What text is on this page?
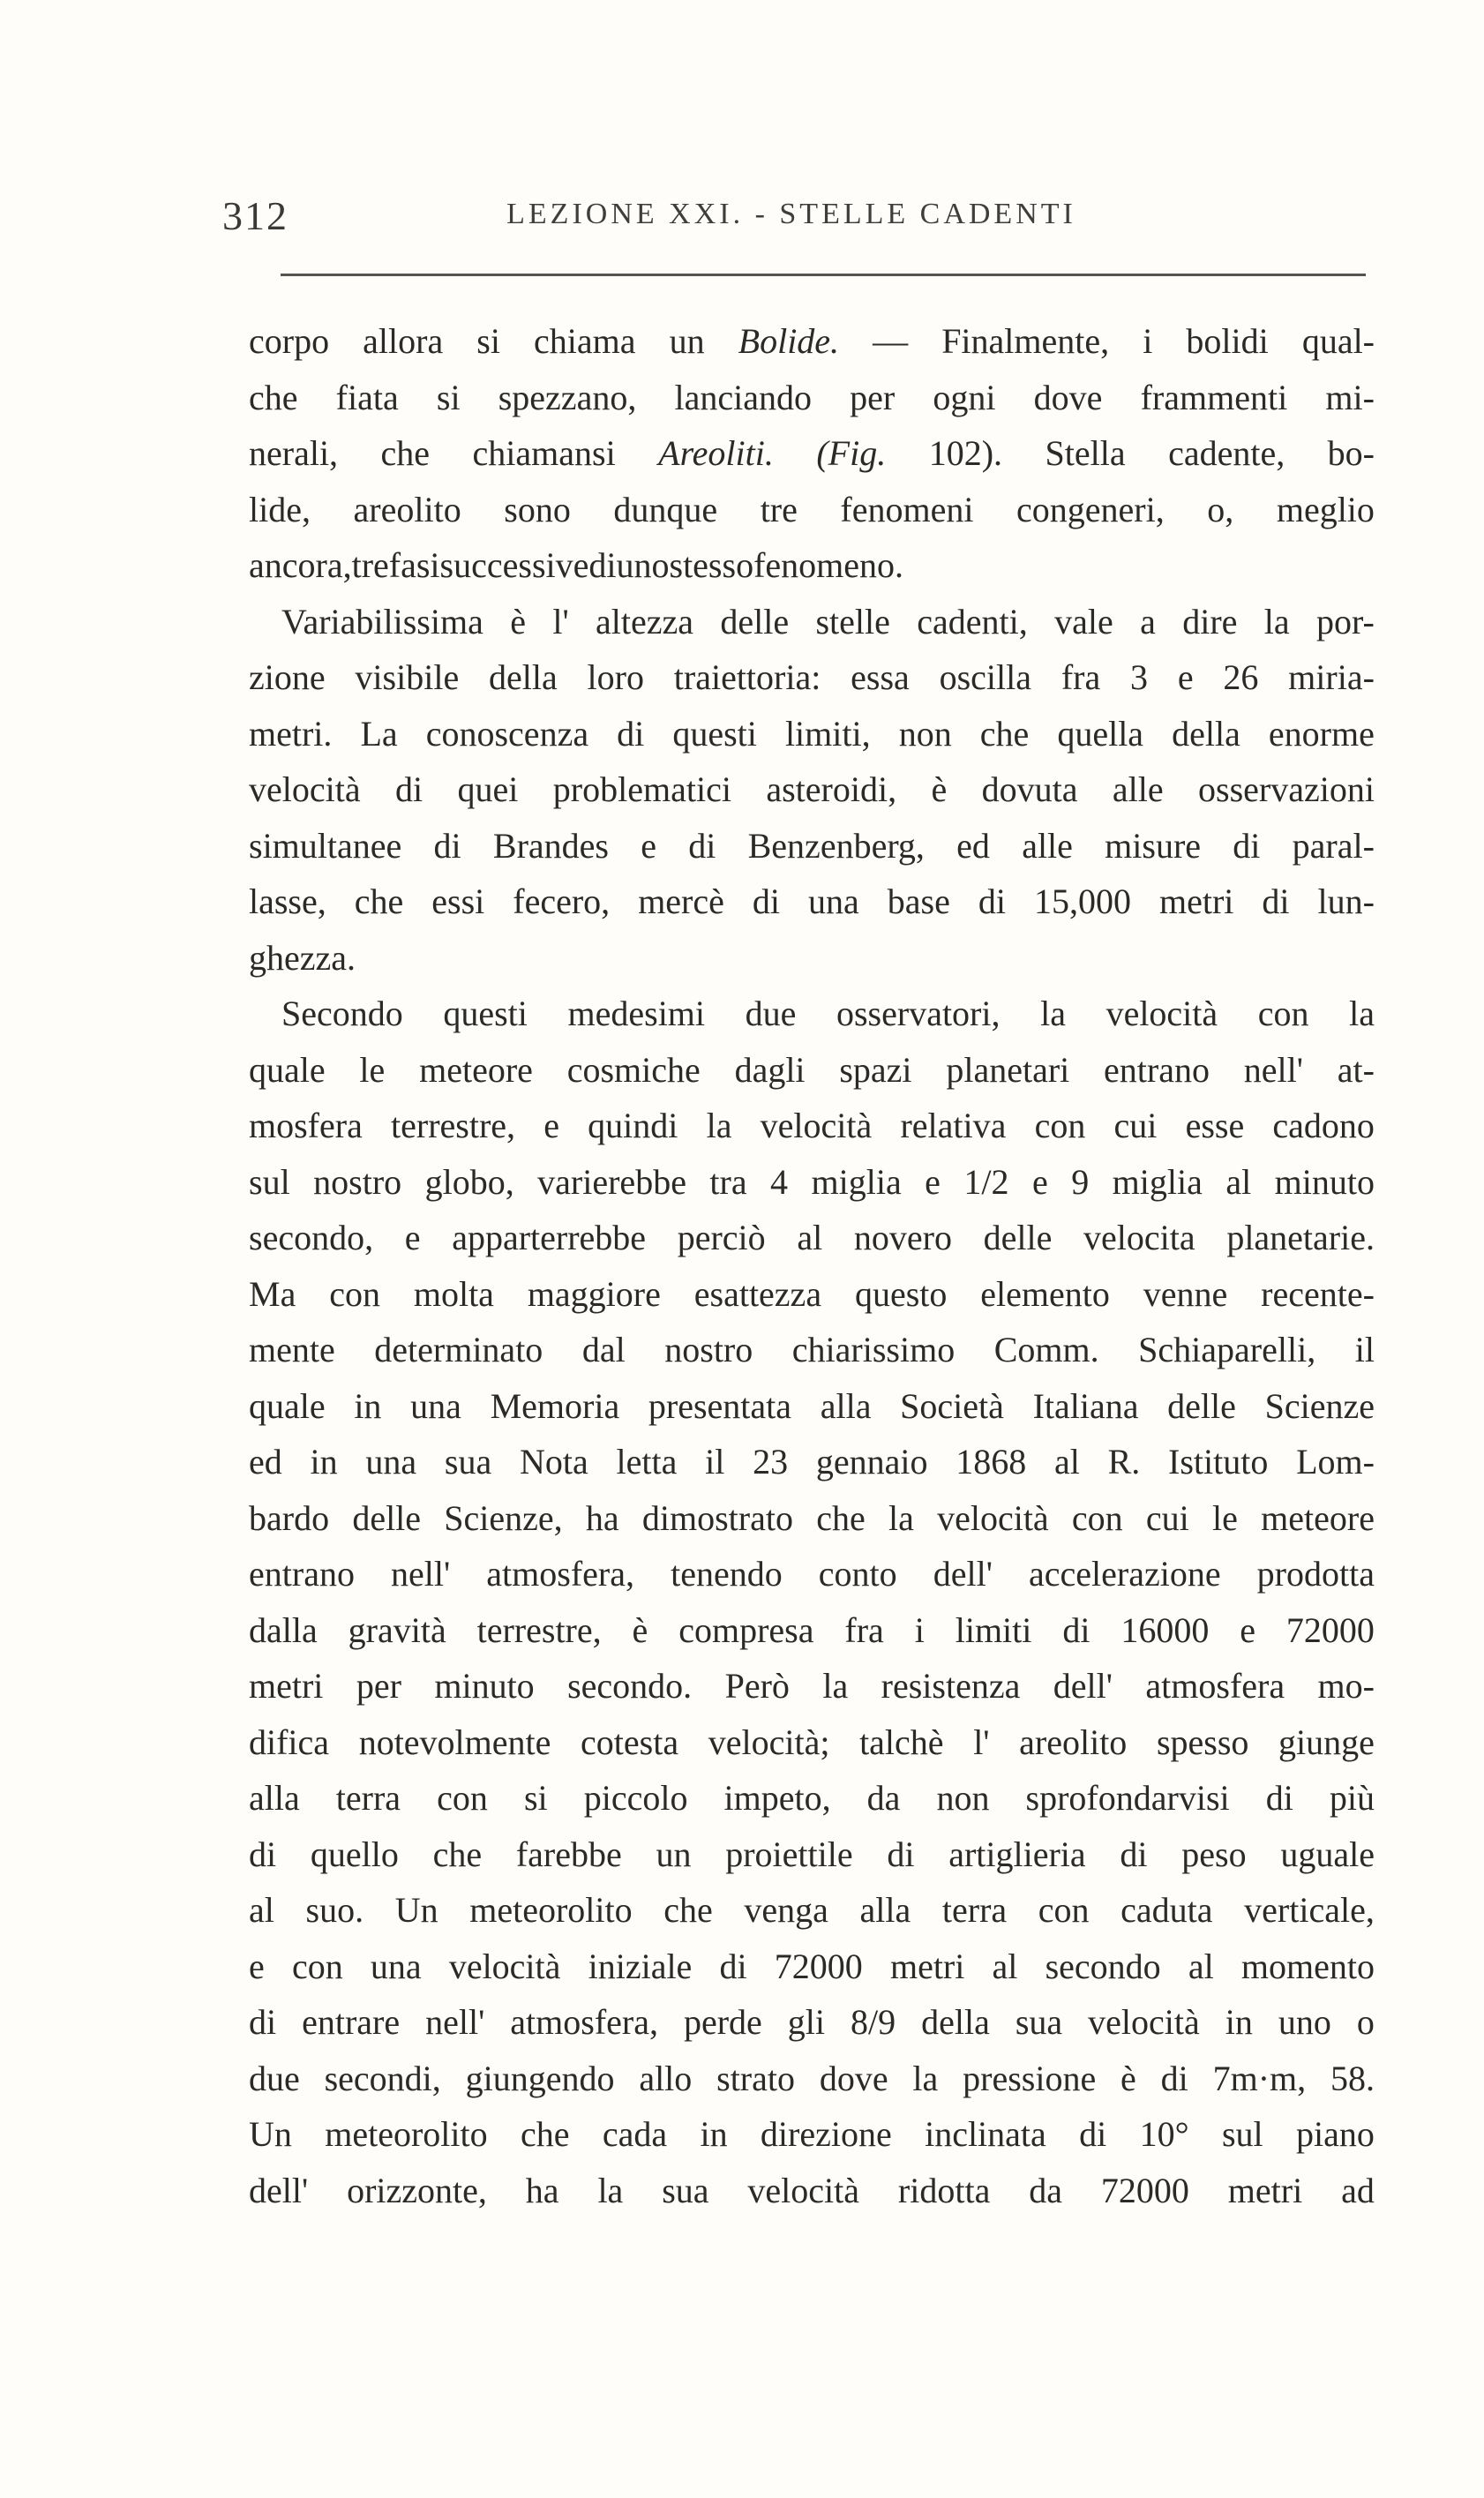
312	LEZIONE XXI. - STELLE CADENTI
corpo allora si chiama un Bolide. — Finalmente, i bolidi qual-
che fiata si spezzano, lanciando per ogni dove frammenti mi-
nerali, che chiamansi Areoliti. (Fig. 102). Stella cadente, bo-
lide, areolito sono dunque tre fenomeni congeneri, o, meglio
ancora, tre fasi successive di uno stesso fenomeno.
Variabilissima è l' altezza delle stelle cadenti, vale a dire la por-
zione visibile della loro traiettoria: essa oscilla fra 3 e 26 miria-
metri. La conoscenza di questi limiti, non che quella della enorme
velocità di quei problematici asteroidi, è dovuta alle osservazioni
simultanee di Brandes e di Benzenberg, ed alle misure di paral-
lasse, che essi fecero, mercè di una base di 15,000 metri di lun-
ghezza.
Secondo questi medesimi due osservatori, la velocità con la
quale le meteore cosmiche dagli spazi planetari entrano nell' at-
mosfera terrestre, e quindi la velocità relativa con cui esse cadono
sul nostro globo, varierebbe tra 4 miglia e 1/2 e 9 miglia al minuto
secondo, e apparterrebbe perciò al novero delle velocita planetarie.
Ma con molta maggiore esattezza questo elemento venne recente-
mente determinato dal nostro chiarissimo Comm. Schiaparelli, il
quale in una Memoria presentata alla Società Italiana delle Scienze
ed in una sua Nota letta il 23 gennaio 1868 al R. Istituto Lom-
bardo delle Scienze, ha dimostrato che la velocità con cui le meteore
entrano nell' atmosfera, tenendo conto dell' accelerazione prodotta
dalla gravità terrestre, è compresa fra i limiti di 16000 e 72000
metri per minuto secondo. Però la resistenza dell' atmosfera mo-
difica notevolmente cotesta velocità; talchè l' areolito spesso giunge
alla terra con si piccolo impeto, da non sprofondarvisi di più
di quello che farebbe un proiettile di artiglieria di peso uguale
al suo. Un meteorolito che venga alla terra con caduta verticale,
e con una velocità iniziale di 72000 metri al secondo al momento
di entrare nell' atmosfera, perde gli 8/9 della sua velocità in uno o
due secondi, giungendo allo strato dove la pressione è di 7m·m, 58.
Un meteorolito che cada in direzione inclinata di 10° sul piano
dell' orizzonte, ha la sua velocità ridotta da 72000 metri ad
